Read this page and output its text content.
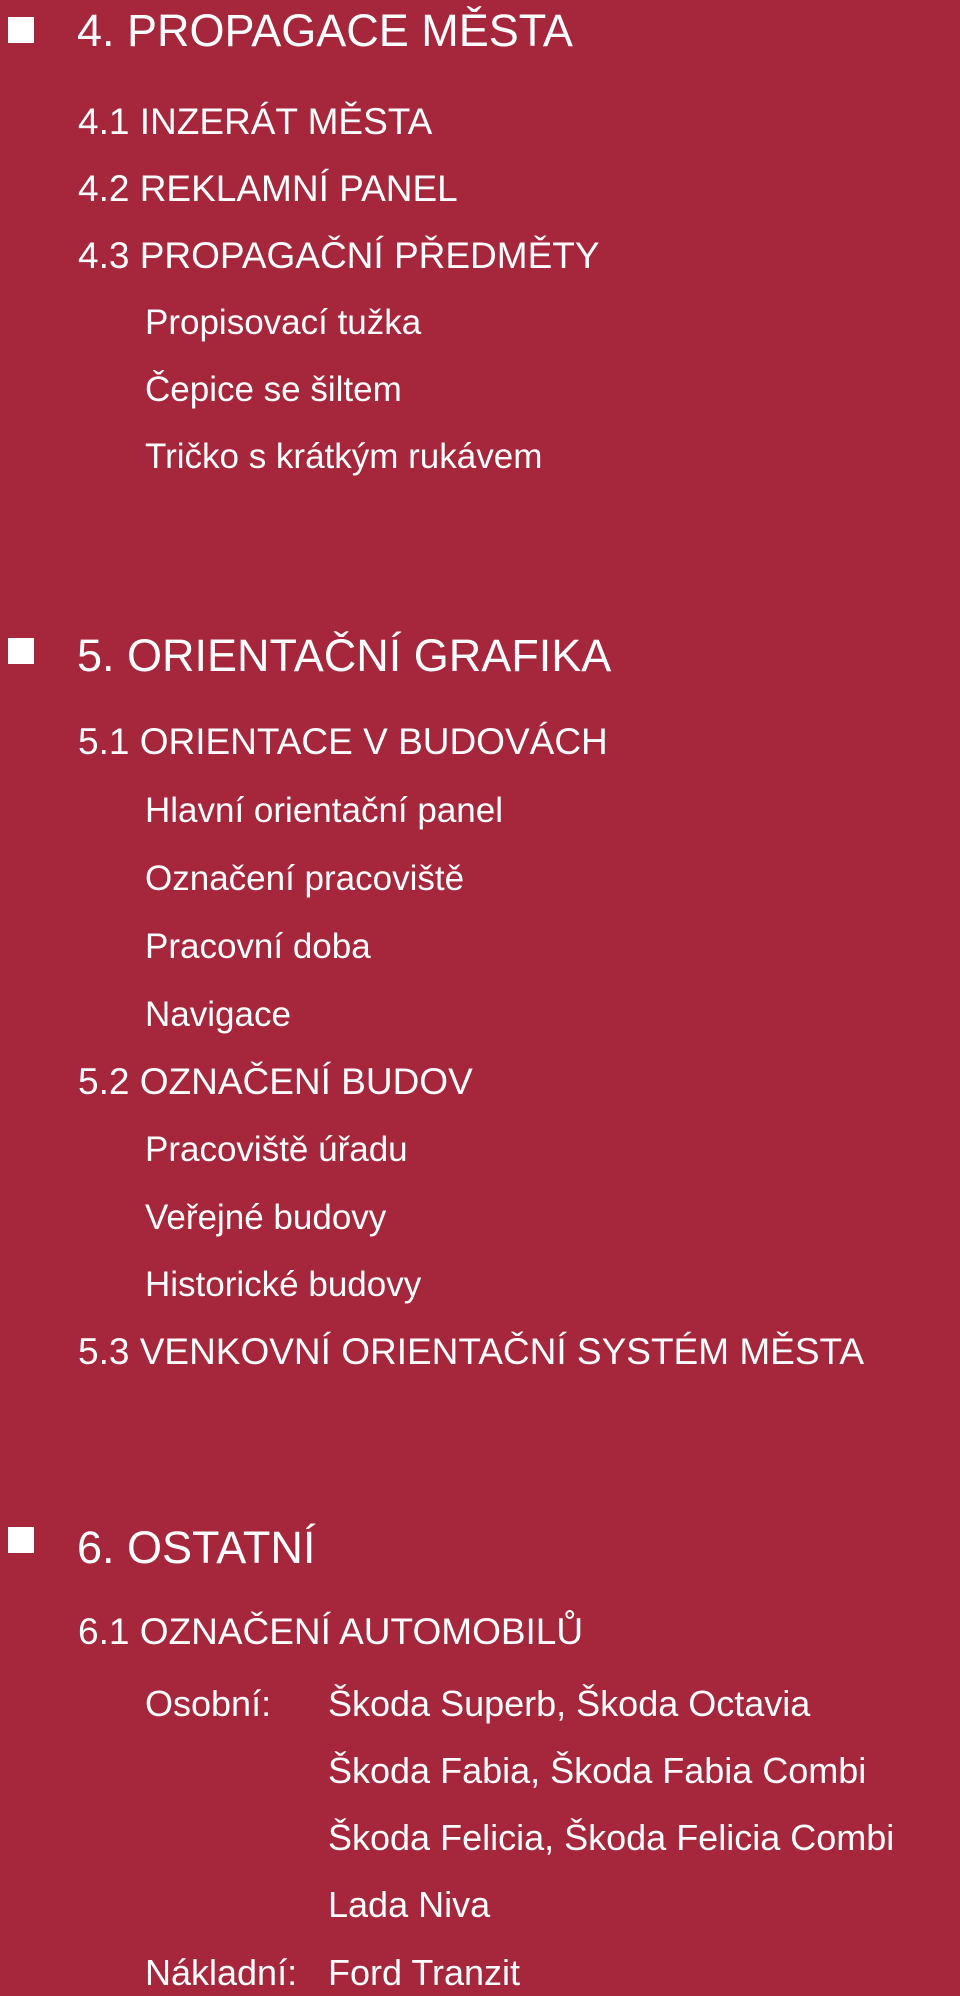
4. PROPAGACE MĚSTA
4.1 INZERÁT MĚSTA
4.2 REKLAMNÍ PANEL
4.3 PROPAGAČNÍ PŘEDMĚTY
Propisovací tužka
Čepice se šiltem
Tričko s krátkým rukávem
5. ORIENTAČNÍ GRAFIKA
5.1 ORIENTACE V BUDOVÁCH
Hlavní orientační panel
Označení pracoviště
Pracovní doba
Navigace
5.2 OZNAČENÍ BUDOV
Pracoviště úřadu
Veřejné budovy
Historické budovy
5.3 VENKOVNÍ ORIENTAČNÍ SYSTÉM MĚSTA
6. OSTATNÍ
6.1 OZNAČENÍ AUTOMOBILŮ
Osobní: Škoda Superb, Škoda Octavia
Škoda Fabia, Škoda Fabia Combi
Škoda Felicia, Škoda Felicia Combi
Lada Niva
Nákladní: Ford Tranzit
